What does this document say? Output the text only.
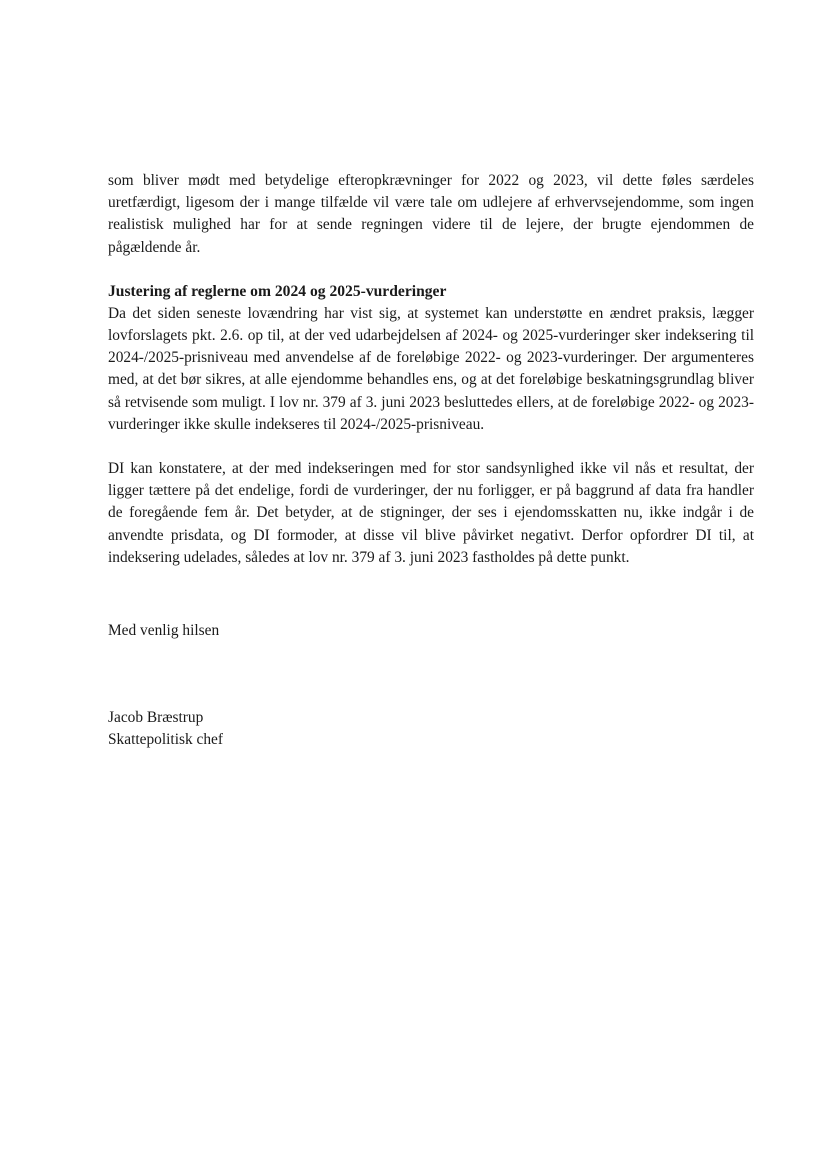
som bliver mødt med betydelige efteropkrævninger for 2022 og 2023, vil dette føles særdeles uretfærdigt, ligesom der i mange tilfælde vil være tale om udlejere af erhvervsejendomme, som ingen realistisk mulighed har for at sende regningen videre til de lejere, der brugte ejendommen de pågældende år.

Justering af reglerne om 2024 og 2025-vurderinger

Da det siden seneste lovændring har vist sig, at systemet kan understøtte en ændret praksis, lægger lovforslagets pkt. 2.6. op til, at der ved udarbejdelsen af 2024- og 2025-vurderinger sker indeksering til 2024-/2025-prisniveau med anvendelse af de foreløbige 2022- og 2023-vurderinger. Der argumenteres med, at det bør sikres, at alle ejendomme behandles ens, og at det foreløbige beskatningsgrundlag bliver så retvisende som muligt. I lov nr. 379 af 3. juni 2023 besluttedes ellers, at de foreløbige 2022- og 2023-vurderinger ikke skulle indekseres til 2024-/2025-prisniveau.

DI kan konstatere, at der med indekseringen med for stor sandsynlighed ikke vil nås et resultat, der ligger tættere på det endelige, fordi de vurderinger, der nu forligger, er på baggrund af data fra handler de foregående fem år. Det betyder, at de stigninger, der ses i ejendomsskatten nu, ikke indgår i de anvendte prisdata, og DI formoder, at disse vil blive påvirket negativt. Derfor opfordrer DI til, at indeksering udelades, således at lov nr. 379 af 3. juni 2023 fastholdes på dette punkt.

Med venlig hilsen
Jacob Bræstrup
Skattepolitisk chef
